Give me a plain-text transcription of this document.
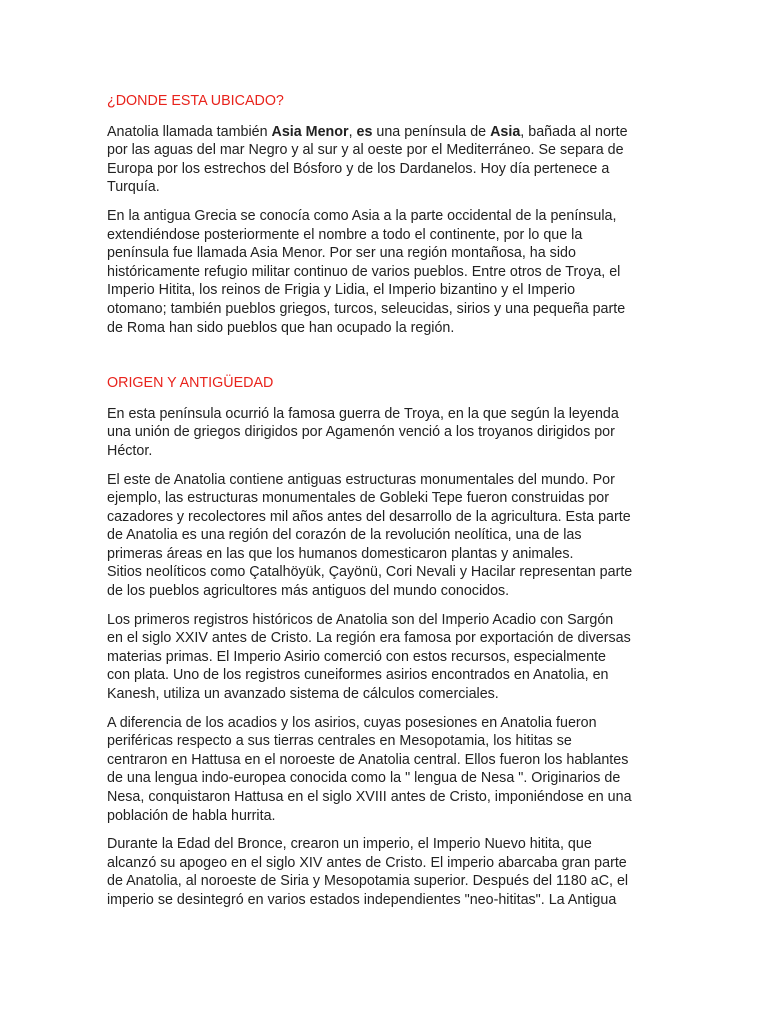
¿DONDE ESTA UBICADO?

Anatolia llamada también Asia Menor, es una península de Asia, bañada al norte
por las aguas del mar Negro y al sur y al oeste por el Mediterráneo. Se separa de
Europa por los estrechos del Bósforo y de los Dardanelos. Hoy día pertenece a
Turquía.

En la antigua Grecia se conocía como Asia a la parte occidental de la península,
extendiéndose posteriormente el nombre a todo el continente, por lo que la
península fue llamada Asia Menor. Por ser una región montañosa, ha sido
históricamente refugio militar continuo de varios pueblos. Entre otros de Troya, el
Imperio Hitita, los reinos de Frigia y Lidia, el Imperio bizantino y el Imperio
otomano; también pueblos griegos, turcos, seleucidas, sirios y una pequeña parte
de Roma han sido pueblos que han ocupado la región.

ORIGEN Y ANTIGÜEDAD

En esta península ocurrió la famosa guerra de Troya, en la que según la leyenda
una unión de griegos dirigidos por Agamenón venció a los troyanos dirigidos por
Héctor.

El este de Anatolia contiene antiguas estructuras monumentales del mundo. Por
ejemplo, las estructuras monumentales de Gobleki Tepe fueron construidas por
cazadores y recolectores mil años antes del desarrollo de la agricultura. Esta parte
de Anatolia es una región del corazón de la revolución neolítica, una de las
primeras áreas en las que los humanos domesticaron plantas y animales.
Sitios neolíticos como Çatalhöyük, Çayönü, Cori Nevali y Hacilar representan parte
de los pueblos agricultores más antiguos del mundo conocidos.

Los primeros registros históricos de Anatolia son del Imperio Acadio con Sargón
en el siglo XXIV antes de Cristo. La región era famosa por exportación de diversas
materias primas. El Imperio Asirio comerció con estos recursos, especialmente
con plata. Uno de los registros cuneiformes asirios encontrados en Anatolia, en
Kanesh, utiliza un avanzado sistema de cálculos comerciales.

A diferencia de los acadios y los asirios, cuyas posesiones en Anatolia fueron
periféricas respecto a sus tierras centrales en Mesopotamia, los hititas se
centraron en Hattusa en el noroeste de Anatolia central. Ellos fueron los hablantes
de una lengua indo-europea conocida como la " lengua de Nesa ". Originarios de
Nesa, conquistaron Hattusa en el siglo XVIII antes de Cristo, imponiéndose en una
población de habla hurrita.

Durante la Edad del Bronce, crearon un imperio, el Imperio Nuevo hitita, que
alcanzó su apogeo en el siglo XIV antes de Cristo. El imperio abarcaba gran parte
de Anatolia, al noroeste de Siria y Mesopotamia superior. Después del 1180 aC, el
imperio se desintegró en varios estados independientes "neo-hititas". La Antigua
